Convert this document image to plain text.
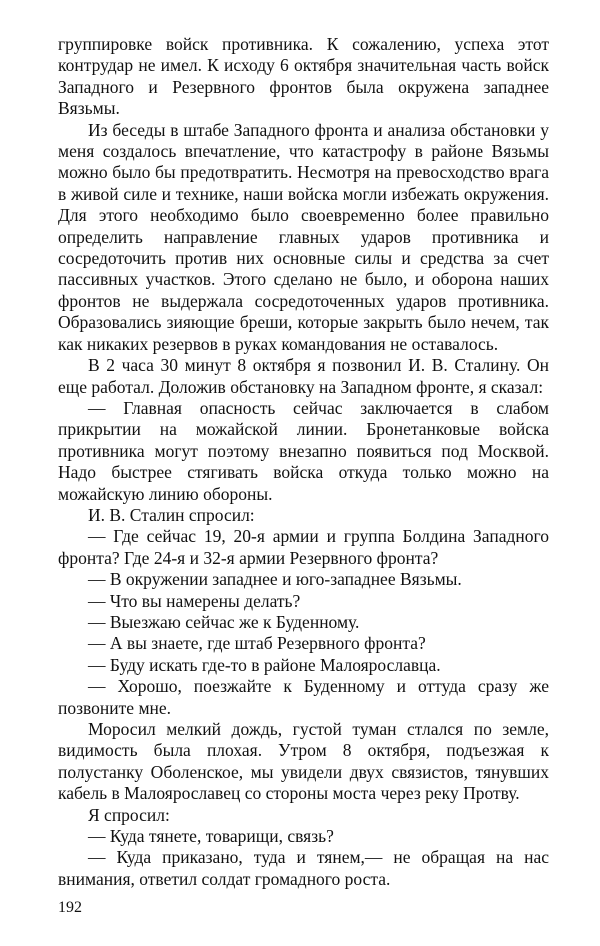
группировке войск противника. К сожалению, успеха этот контрудар не имел. К исходу 6 октября значительная часть войск Западного и Резервного фронтов была окружена западнее Вязьмы.

Из беседы в штабе Западного фронта и анализа обстановки у меня создалось впечатление, что катастрофу в районе Вязьмы можно было бы предотвратить. Несмотря на превосходство врага в живой силе и технике, наши войска могли избежать окружения. Для этого необходимо было своевременно более правильно определить направление главных ударов противника и сосредоточить против них основные силы и средства за счет пассивных участков. Этого сделано не было, и оборона наших фронтов не выдержала сосредоточенных ударов противника. Образовались зияющие бреши, которые закрыть было нечем, так как никаких резервов в руках командования не оставалось.

В 2 часа 30 минут 8 октября я позвонил И. В. Сталину. Он еще работал. Доложив обстановку на Западном фронте, я сказал:

— Главная опасность сейчас заключается в слабом прикрытии на можайской линии. Бронетанковые войска противника могут поэтому внезапно появиться под Москвой. Надо быстрее стягивать войска откуда только можно на можайскую линию обороны.

И. В. Сталин спросил:

— Где сейчас 19, 20-я армии и группа Болдина Западного фронта? Где 24-я и 32-я армии Резервного фронта?

— В окружении западнее и юго-западнее Вязьмы.

— Что вы намерены делать?

— Выезжаю сейчас же к Буденному.

— А вы знаете, где штаб Резервного фронта?

— Буду искать где-то в районе Малоярославца.

— Хорошо, поезжайте к Буденному и оттуда сразу же позвоните мне.

Моросил мелкий дождь, густой туман стлался по земле, видимость была плохая. Утром 8 октября, подъезжая к полустанку Оболенское, мы увидели двух связистов, тянувших кабель в Малоярославец со стороны моста через реку Протву.

Я спросил:

— Куда тянете, товарищи, связь?

— Куда приказано, туда и тянем,— не обращая на нас внимания, ответил солдат громадного роста.

192
